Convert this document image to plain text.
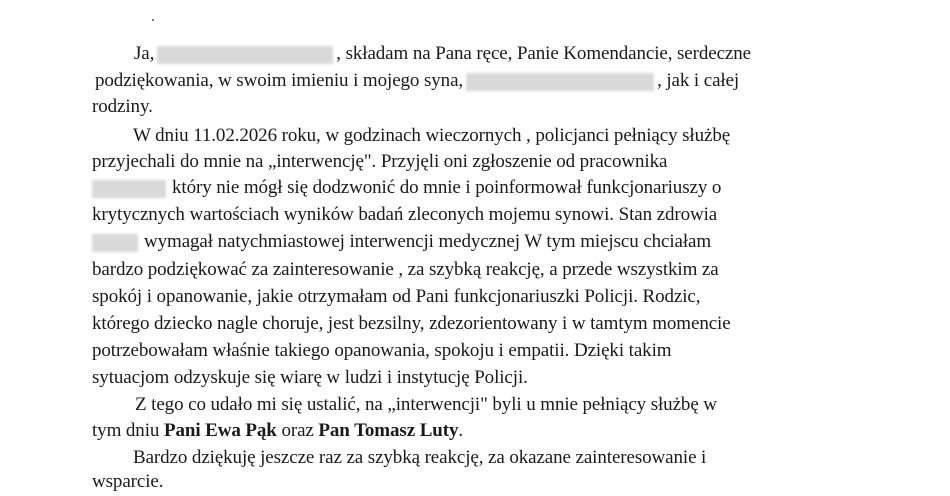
Ja,	, składam na Pana ręce, Panie Komendancie, serdeczne
podziękowania, w swoim imieniu i mojego syna,	, jak i całej
rodziny.
W dniu 11.02.2026 roku, w godzinach wieczornych , policjanci pełniący służbę
przyjechali do mnie na „interwencję". Przyjęli oni zgłoszenie od pracownika
który nie mógł się dodzwonić do mnie i poinformował funkcjonariuszy o
krytycznych wartościach wyników badań zleconych mojemu synowi. Stan zdrowia
wymagał natychmiastowej interwencji medycznej W tym miejscu chciałam
bardzo podziękować za zainteresowanie , za szybką reakcję, a przede wszystkim za
spokój i opanowanie, jakie otrzymałam od Pani funkcjonariuszki Policji. Rodzic,
którego dziecko nagle choruje, jest bezsilny, zdezorientowany i w tamtym momencie
potrzebowałam właśnie takiego opanowania, spokoju i empatii. Dzięki takim
sytuacjom odzyskuje się wiarę w ludzi i instytucję Policji.
Z tego co udało mi się ustalić, na „interwencji" byli u mnie pełniący służbę w
tym dniu Pani Ewa Pąk oraz Pan Tomasz Luty.
Bardzo dziękuję jeszcze raz za szybką reakcję, za okazane zainteresowanie i
wsparcie.
